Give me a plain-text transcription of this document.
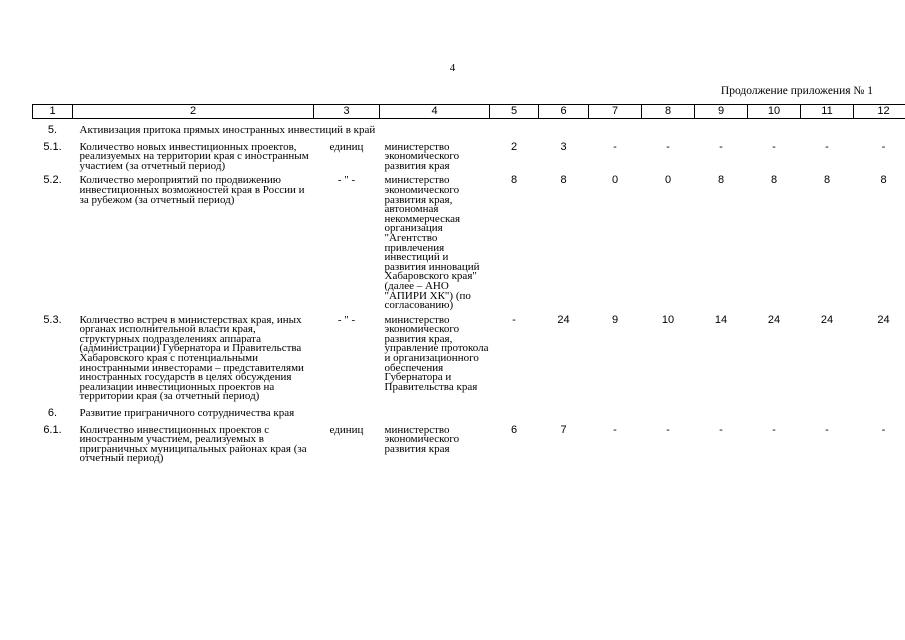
4
Продолжение приложения № 1
1	2	3	4	5	6	7	8	9	10	11	12
5.	Активизация притока прямых иностранных инвестиций в край										
5.1.	Количество новых инвестиционных проектов, реализуемых на территории края с иностранным участием (за отчетный период)	единиц	министерство экономического развития края	2	3	-	-	-	-	-	-
5.2.	Количество мероприятий по продвижению инвестиционных возможностей края в России и за рубежом (за отчетный период)	- " -	министерство экономического развития края, автономная некоммерческая организация "Агентство привлечения инвестиций и развития инноваций Хабаровского края" (далее – АНО "АПИРИ ХК") (по согласованию)	8	8	0	0	8	8	8	8
5.3.	Количество встреч в министерствах края, иных органах исполнительной власти края, структурных подразделениях аппарата (администрации) Губернатора и Правительства Хабаровского края с потенциальными иностранными инвесторами – представителями иностранных государств в целях обсуждения реализации инвестиционных проектов на территории края (за отчетный период)	- " -	министерство экономического развития края, управление протокола и организационного обеспечения Губернатора и Правительства края	-	24	9	10	14	24	24	24
6.	Развитие приграничного сотрудничества края										
6.1.	Количество инвестиционных проектов с иностранным участием, реализуемых в приграничных муниципальных районах края (за отчетный период)	единиц	министерство экономического развития края	6	7	-	-	-	-	-	-
